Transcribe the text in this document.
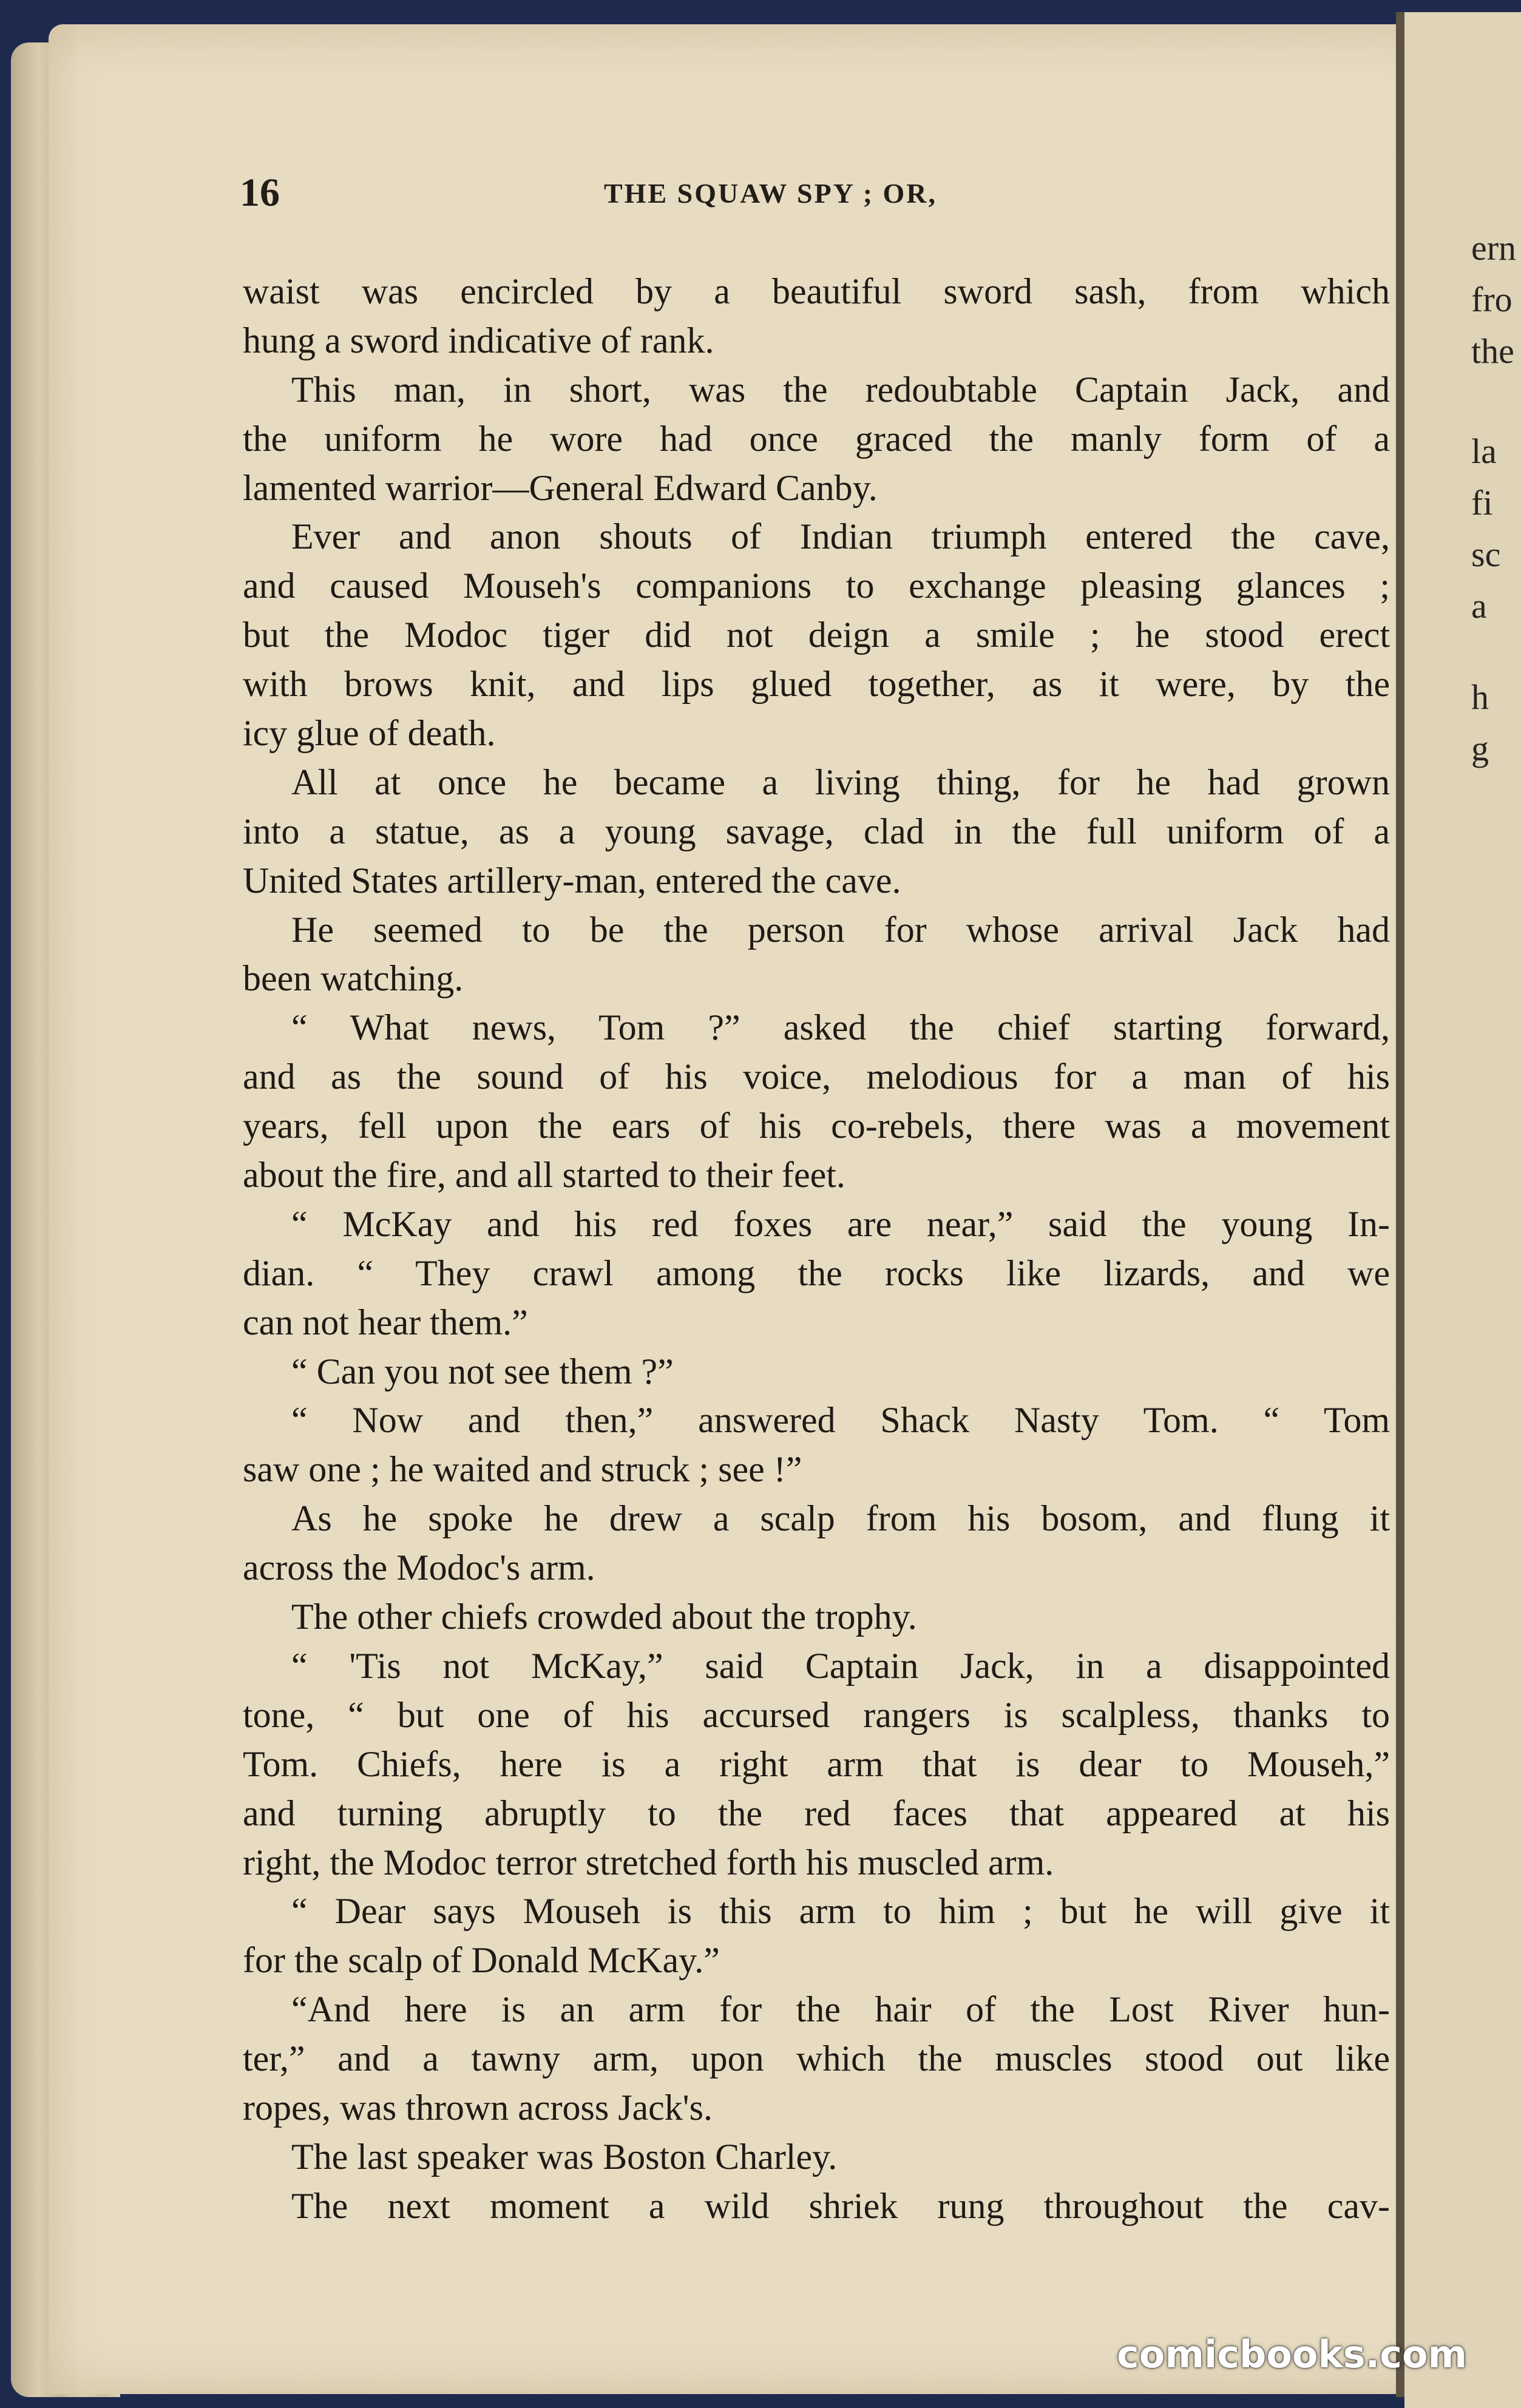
ern
fro
the
la
fi
sc
a
h
g
16	THE SQUAW SPY ; OR,
waist was encircled by a beautiful sword sash, from which
hung a sword indicative of rank.
This man, in short, was the redoubtable Captain Jack, and
the uniform he wore had once graced the manly form of a
lamented warrior—General Edward Canby.
Ever and anon shouts of Indian triumph entered the cave,
and caused Mouseh's companions to exchange pleasing glances ;
but the Modoc tiger did not deign a smile ; he stood erect
with brows knit, and lips glued together, as it were, by the
icy glue of death.
All at once he became a living thing, for he had grown
into a statue, as a young savage, clad in the full uniform of a
United States artillery-man, entered the cave.
He seemed to be the person for whose arrival Jack had
been watching.
“ What news, Tom ?” asked the chief starting forward,
and as the sound of his voice, melodious for a man of his
years, fell upon the ears of his co-rebels, there was a movement
about the fire, and all started to their feet.
“ McKay and his red foxes are near,” said the young In-
dian. “ They crawl among the rocks like lizards, and we
can not hear them.”
“ Can you not see them ?”
“ Now and then,” answered Shack Nasty Tom. “ Tom
saw one ; he waited and struck ; see !”
As he spoke he drew a scalp from his bosom, and flung it
across the Modoc's arm.
The other chiefs crowded about the trophy.
“ 'Tis not McKay,” said Captain Jack, in a disappointed
tone, “ but one of his accursed rangers is scalpless, thanks to
Tom. Chiefs, here is a right arm that is dear to Mouseh,”
and turning abruptly to the red faces that appeared at his
right, the Modoc terror stretched forth his muscled arm.
“ Dear says Mouseh is this arm to him ; but he will give it
for the scalp of Donald McKay.”
“And here is an arm for the hair of the Lost River hun-
ter,” and a tawny arm, upon which the muscles stood out like
ropes, was thrown across Jack's.
The last speaker was Boston Charley.
The next moment a wild shriek rung throughout the cav-
comicbooks.com
